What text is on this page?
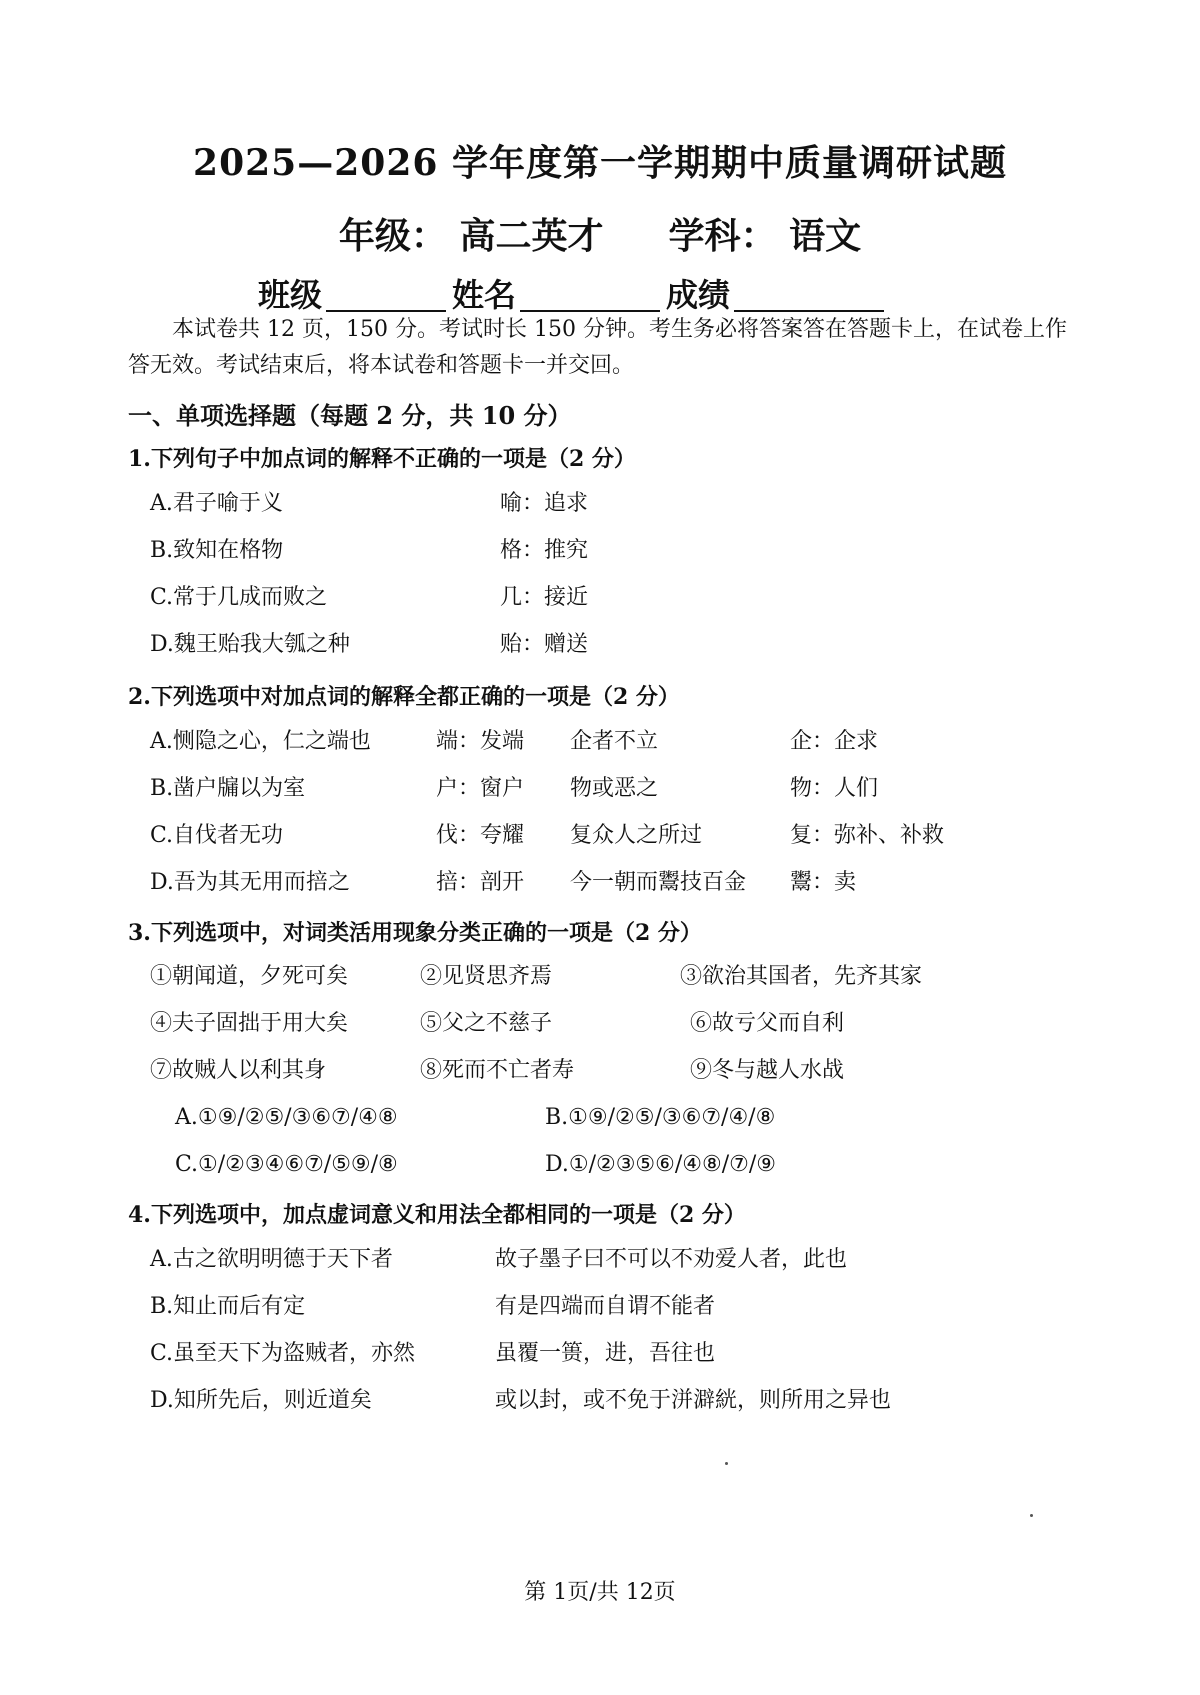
2025—2026 学年度第一学期期中质量调研试题
年级： 高二英才 学科： 语文
班级	姓名	成绩
本试卷共 12 页，150 分。考试时长 150 分钟。考生务必将答案答在答题卡上，在试卷上作答无效。考试结束后，将本试卷和答题卡一并交回。
一、单项选择题（每题 2 分，共 10 分）
1.下列句子中加点词的解释不正确的一项是（2 分）
A.君子喻于义	喻：追求
B.致知在格物	格：推究
C.常于几成而败之	几：接近
D.魏王贻我大瓠之种	贻：赠送
2.下列选项中对加点词的解释全都正确的一项是（2 分）
A.恻隐之心，仁之端也	端：发端 企者不立	企：企求
B.凿户牖以为室	户：窗户 物或恶之	物：人们
C.自伐者无功	伐：夸耀 复众人之所过	复：弥补、补救
D.吾为其无用而掊之	掊：剖开 今一朝而鬻技百金 鬻：卖
3.下列选项中，对词类活用现象分类正确的一项是（2 分）
①朝闻道，夕死可矣	②见贤思齐焉	③欲治其国者，先齐其家
④夫子固拙于用大矣	⑤父之不慈子	⑥故亏父而自利
⑦故贼人以利其身	⑧死而不亡者寿	⑨冬与越人水战
A.①⑨/②⑤/③⑥⑦/④⑧	B.①⑨/②⑤/③⑥⑦/④/⑧
C.①/②③④⑥⑦/⑤⑨/⑧	D.①/②③⑤⑥/④⑧/⑦/⑨
4.下列选项中，加点虚词意义和用法全都相同的一项是（2 分）
A.古之欲明明德于天下者	故子墨子曰不可以不劝爱人者，此也
B.知止而后有定	有是四端而自谓不能者
C.虽至天下为盗贼者，亦然	虽覆一篑，进，吾往也
D.知所先后，则近道矣	或以封，或不免于洴澼絖，则所用之异也
第 1页/共 12页
